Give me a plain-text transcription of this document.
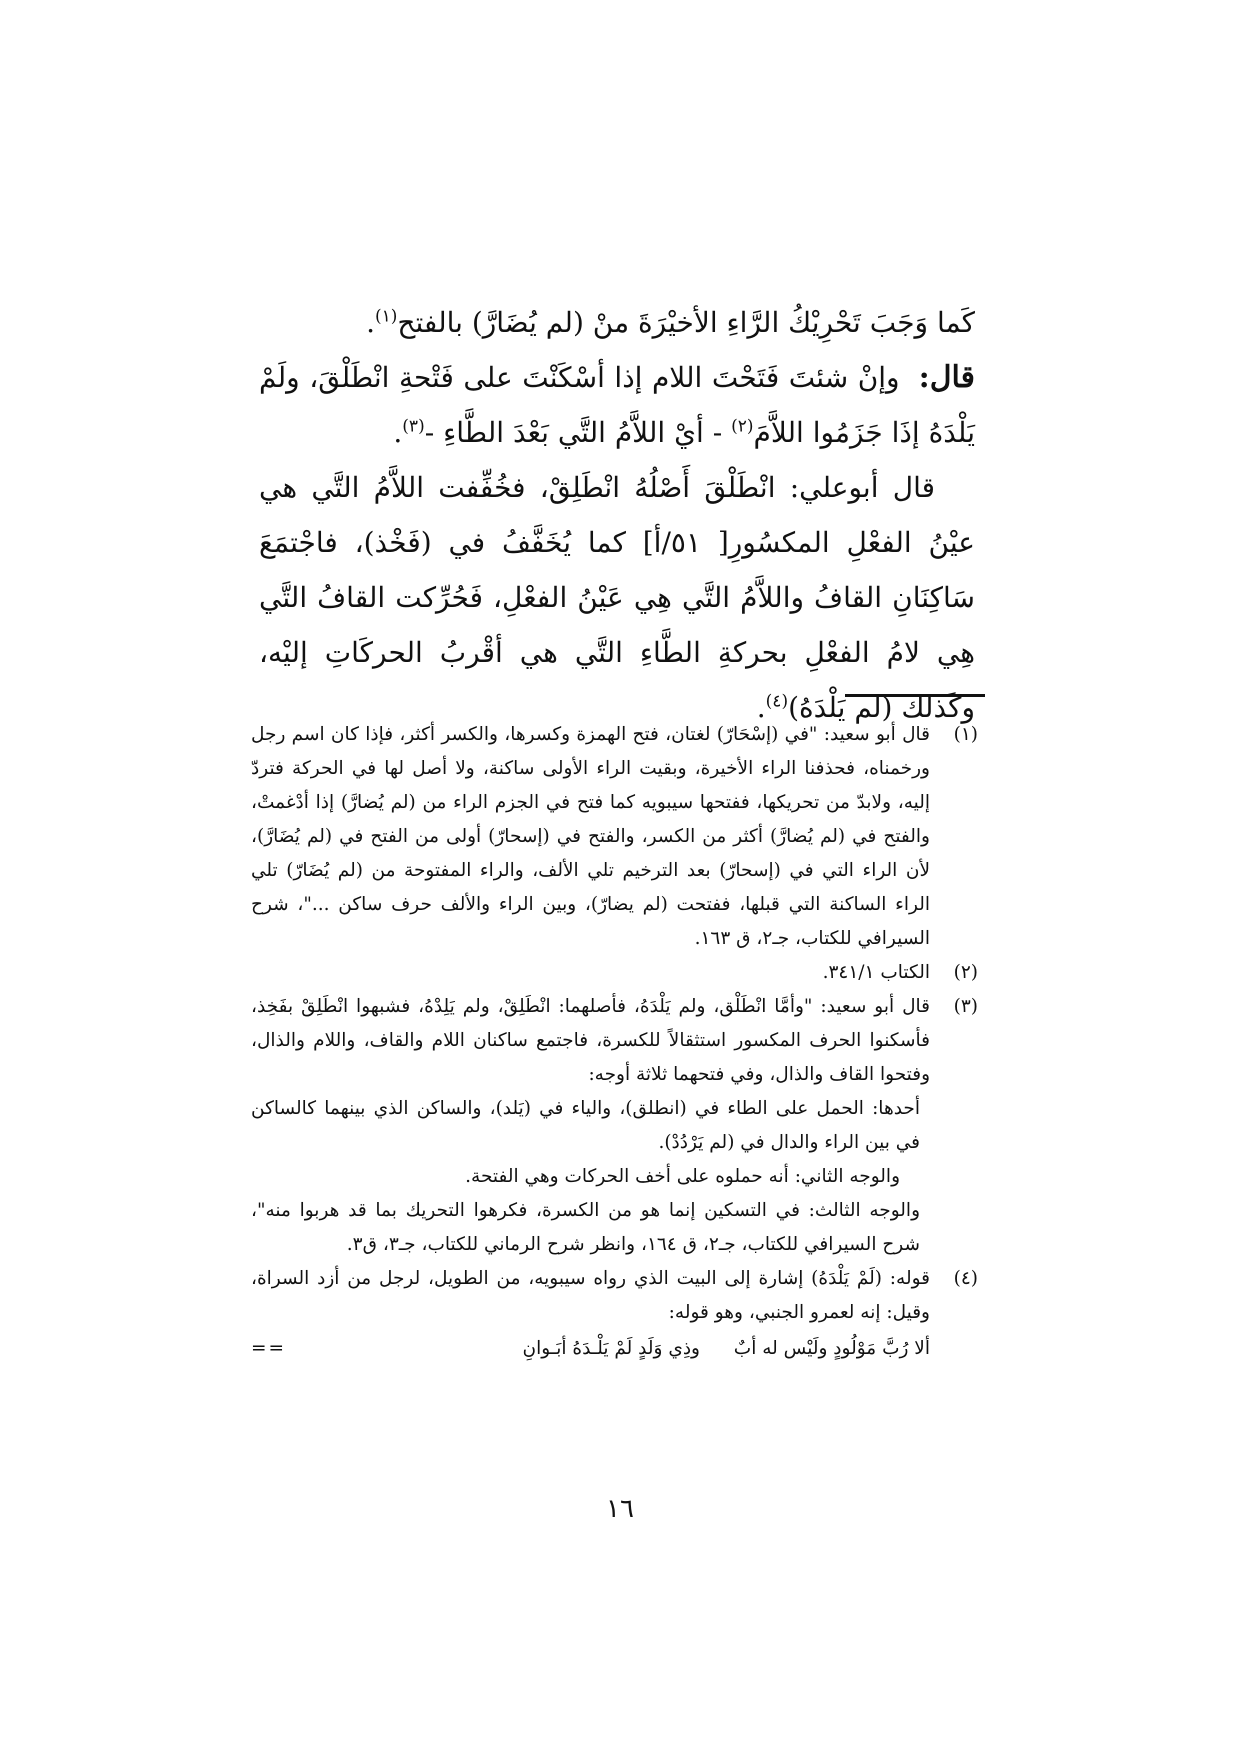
كَما وَجَبَ تَحْرِيْكُ الرَّاءِ الأخيْرَةَ منْ (لم يُضَارَّ) بالفتح$^{(١)}$.

قال:  وإنْ شئتَ فَتَحْتَ اللام إذا أسْكَنْتَ على فَتْحةِ انْطَلْقَ، ولَمْ يَلْدَهُ إذَا جَزَمُوا اللاَّمَ$^{(٢)}$ - أيْ اللاَّمُ التَّي بَعْدَ الطَّاءِ -$^{(٣)}$.

قال أبوعلي: انْطَلْقَ أَصْلُهُ انْطَلِقْ، فخُفِّفت اللاَّمُ التَّي هي عيْنُ الفعْلِ المكسُورِ[ ٥١/أ] كما يُخَفَّفُ في (فَخْذ)، فاجْتمَعَ سَاكِنَانِ القافُ واللاَّمُ التَّي هِي عَيْنُ الفعْلِ، فَحُرِّكت القافُ التَّي هِي لامُ الفعْلِ بحركةِ الطَّاءِ التَّي هي أقْربُ الحركَاتِ إليْه، وكَذلك (لم يَلْدَهُ)$^{(٤)}$.

(١)

قال أبو سعيد: "في (إسْحَارّ) لغتان، فتح الهمزة وكسرها، والكسر أكثر، فإذا كان اسم رجل ورخمناه، فحذفنا الراء الأخيرة، وبقيت الراء الأولى ساكنة، ولا أصل لها في الحركة فتردّ إليه، ولابدّ من تحريكها، ففتحها سيبويه كما فتح في الجزم الراء من (لم يُضارَّ) إذا أدْغمتْ، والفتح في (لم يُضارَّ) أكثر من الكسر، والفتح في (إسحارّ) أولى من الفتح في (لم يُضَارَّ)، لأن الراء التي في (إسحارّ) بعد الترخيم تلي الألف، والراء المفتوحة من (لم يُضَارّ) تلي الراء الساكنة التي قبلها، ففتحت (لم يضارّ)، وبين الراء والألف حرف ساكن ..."، شرح السيرافي للكتاب، جـ٢، ق ١٦٣.

(٢)

الكتاب ٣٤١/١.

(٣)

قال أبو سعيد: "وأمَّا انْطَلْق، ولم يَلْدَهُ، فأصلهما: انْطَلِقْ، ولم يَلِدْهُ، فشبهوا انْطَلِقْ بفَخِذ، فأسكنوا الحرف المكسور استثقالاً للكسرة، فاجتمع ساكنان اللام والقاف، واللام والذال، وفتحوا القاف والذال، وفي فتحهما ثلاثة أوجه:

أحدها: الحمل على الطاء في (انطلق)، والياء في (يَلد)، والساكن الذي بينهما كالساكن في بين الراء والدال في (لم يَرْدُدْ).

والوجه الثاني: أنه حملوه على أخف الحركات وهي الفتحة.

والوجه الثالث: في التسكين إنما هو من الكسرة، فكرهوا التحريك بما قد هربوا منه"، شرح السيرافي للكتاب، جـ٢، ق ١٦٤، وانظر شرح الرماني للكتاب، جـ٣، ق٣.

(٤)

قوله: (لَمْ يَلْدَهُ) إشارة إلى البيت الذي رواه سيبويه، من الطويل، لرجل من أزد السراة، وقيل: إنه لعمرو الجنبي، وهو قوله:

ألا رُبَّ مَوْلُودٍ ولَيْس له أبٌ
وذِي وَلَدٍ لَمْ يَلْـدَهُ أبَـوانِ
==
١٦
